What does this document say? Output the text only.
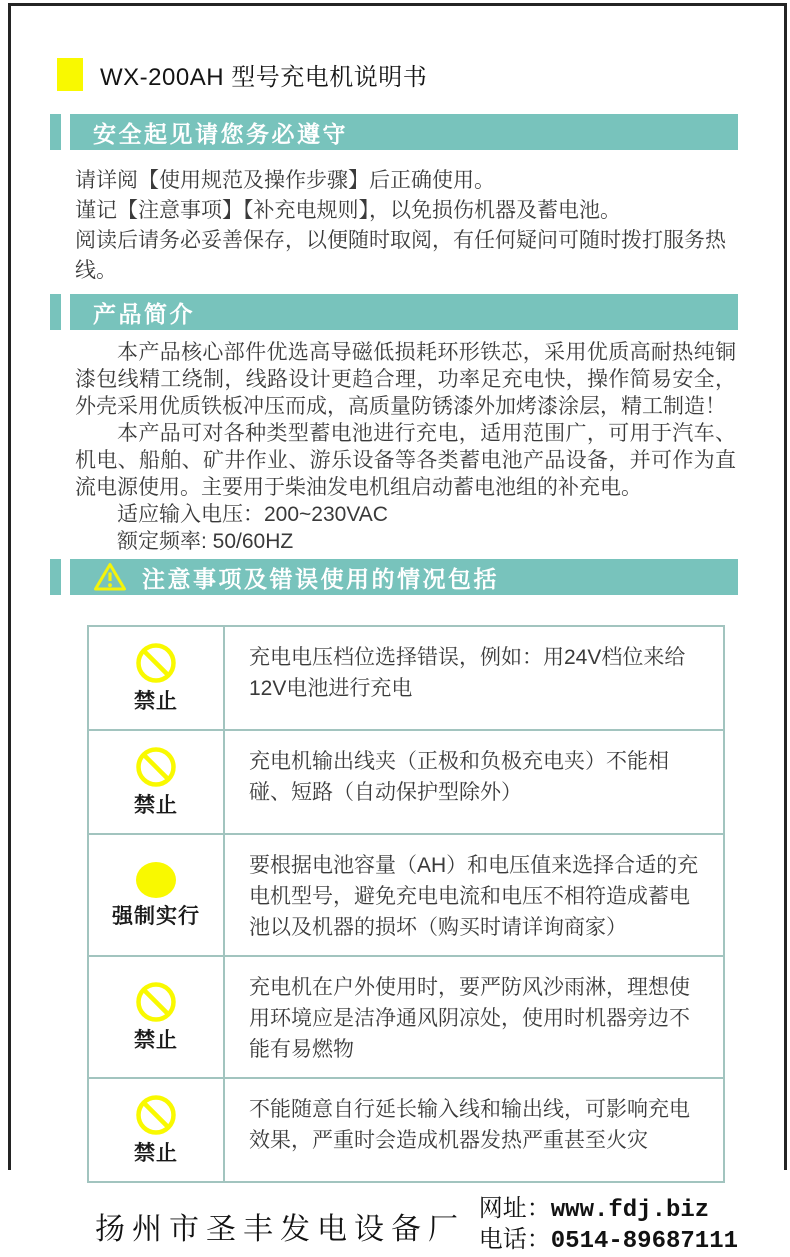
WX-200AH 型号充电机说明书
安全起见请您务必遵守
请详阅【使用规范及操作步骤】后正确使用。
谨记【注意事项】【补充电规则】，以免损伤机器及蓄电池。
阅读后请务必妥善保存，以便随时取阅，有任何疑问可随时拨打服务热线。
产品简介
本产品核心部件优选高导磁低损耗环形铁芯，采用优质高耐热纯铜漆包线精工绕制，线路设计更趋合理，功率足充电快，操作简易安全，外壳采用优质铁板冲压而成，高质量防锈漆外加烤漆涂层，精工制造！
本产品可对各种类型蓄电池进行充电，适用范围广，可用于汽车、机电、船舶、矿井作业、游乐设备等各类蓄电池产品设备，并可作为直流电源使用。主要用于柴油发电机组启动蓄电池组的补充电。
适应输入电压：200~230VAC
额定频率: 50/60HZ
注意事项及错误使用的情况包括
禁止
充电电压档位选择错误，例如：用24V档位来给12V电池进行充电
禁止
充电机输出线夹（正极和负极充电夹）不能相碰、短路（自动保护型除外）
强制实行
要根据电池容量（AH）和电压值来选择合适的充电机型号，避免充电电流和电压不相符造成蓄电池以及机器的损坏（购买时请详询商家）
禁止
充电机在户外使用时，要严防风沙雨淋，理想使用环境应是洁净通风阴凉处，使用时机器旁边不能有易燃物
禁止
不能随意自行延长输入线和输出线，可影响充电效果，严重时会造成机器发热严重甚至火灾
扬州市圣丰发电设备厂
网址：www.fdj.biz
电话：0514-89687111
